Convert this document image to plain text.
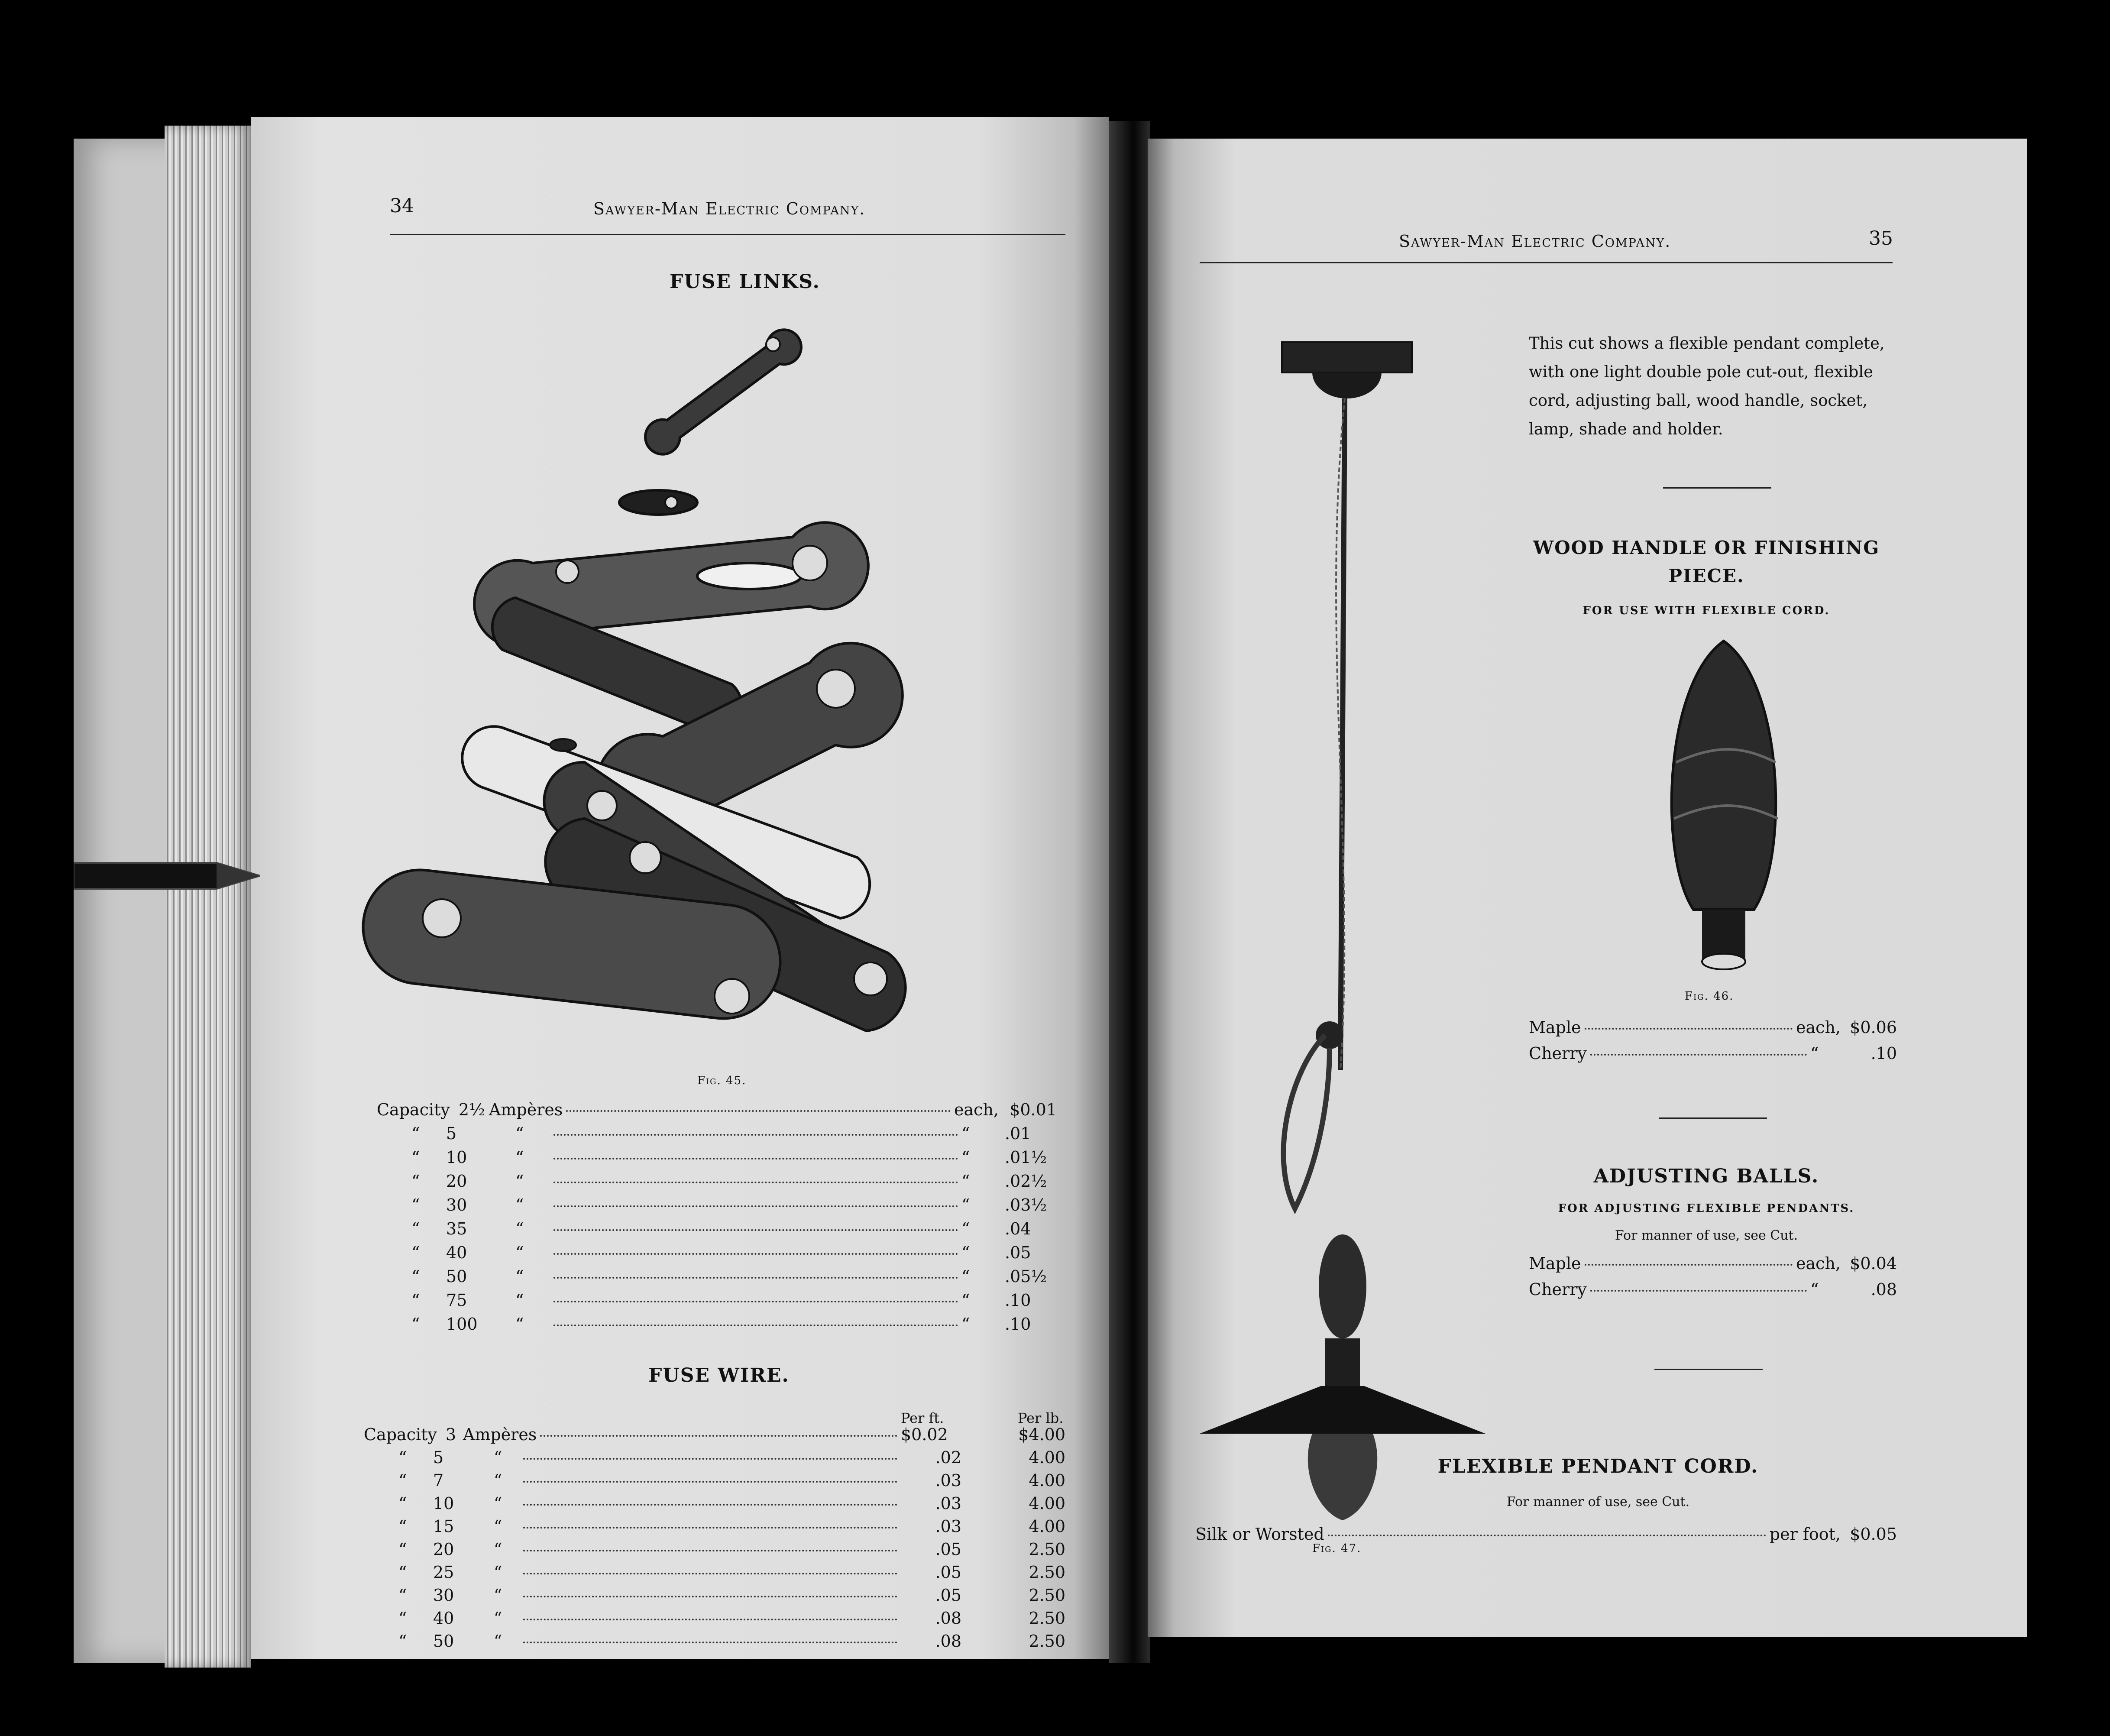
34	Sawyer-Man Electric Company.
FUSE LINKS.
Fig. 45.
Capacity 2½ Ampères	each, $0.01
“	5	“	“	.01
“	10	“	“	.01½
“	20	“	“	.02½
“	30	“	“	.03½
“	35	“	“	.04
“	40	“	“	.05
“	50	“	“	.05½
“	75	“	“	.10
“	100	“	“	.10
FUSE WIRE.
Per ft.	Per lb.
Capacity 3 Ampères	$0.02	$4.00
“	5	“	.02	4.00
“	7	“	.03	4.00
“	10	“	.03	4.00
“	15	“	.03	4.00
“	20	“	.05	2.50
“	25	“	.05	2.50
“	30	“	.05	2.50
“	40	“	.08	2.50
“	50	“	.08	2.50
Sawyer-Man Electric Company.	35
This cut shows a flexible pendant complete, with one light double pole cut-out, flexible cord, adjusting ball, wood handle, socket, lamp, shade and holder.
Fig. 47.
WOOD HANDLE OR FINISHING
PIECE.
FOR USE WITH FLEXIBLE CORD.
Fig. 46.
Maple	each, $0.06
Cherry	“	.10
ADJUSTING BALLS.
FOR ADJUSTING FLEXIBLE PENDANTS.
For manner of use, see Cut.
Maple	each, $0.04
Cherry	“	.08
FLEXIBLE PENDANT CORD.
For manner of use, see Cut.
Silk or Worsted	per foot, $0.05
